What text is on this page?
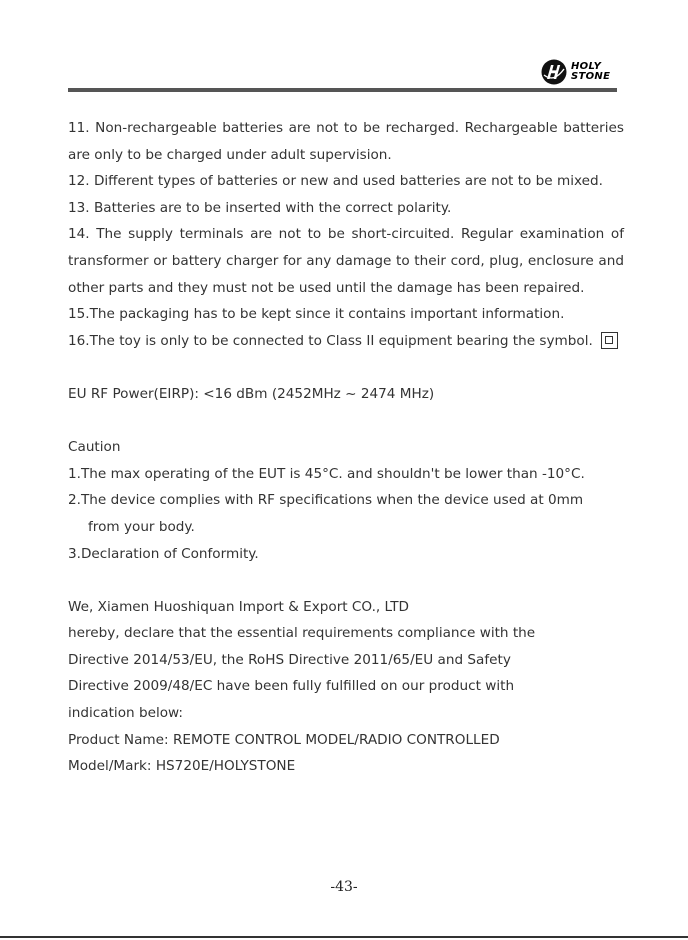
HOLY
STONE

11. Non-rechargeable batteries are not to be recharged. Rechargeable batteries are only to be charged under adult supervision.

12. Different types of batteries or new and used batteries are not to be mixed.

13. Batteries are to be inserted with the correct polarity.

14. The supply terminals are not to be short-circuited. Regular examination of transformer or battery charger for any damage to their cord, plug, enclosure and other parts and they must not be used until the damage has been repaired.

15.The packaging has to be kept since it contains important information.

16.The toy is only to be connected to Class II equipment bearing the symbol.

EU RF Power(EIRP): <16 dBm (2452MHz ~ 2474 MHz)

Caution

1.The max operating of the EUT is 45°C. and shouldn't be lower than -10°C.

2.The device complies with RF specifications when the device used at 0mm

from your body.

3.Declaration of Conformity.

We, Xiamen Huoshiquan Import & Export CO., LTD

hereby, declare that the essential requirements compliance with the

Directive 2014/53/EU, the RoHS Directive 2011/65/EU and Safety

Directive 2009/48/EC have been fully fulfilled on our product with

indication below:

Product Name: REMOTE CONTROL MODEL/RADIO CONTROLLED

Model/Mark: HS720E/HOLYSTONE

-43-
